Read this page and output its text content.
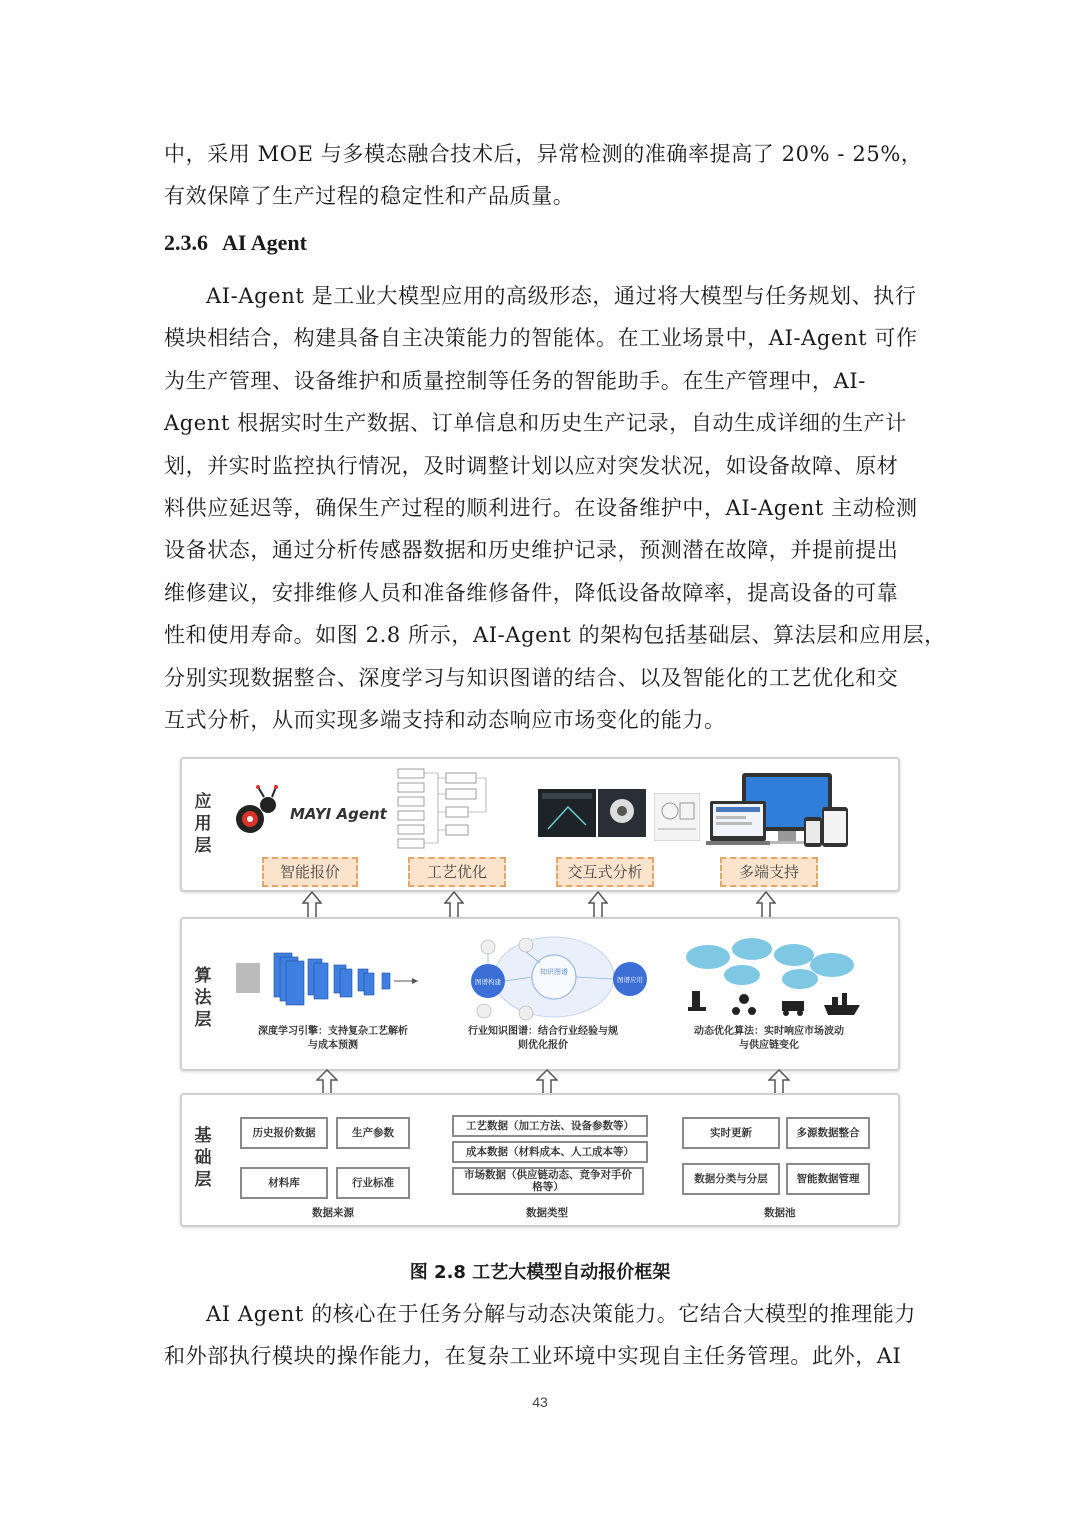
中，采用 MOE 与多模态融合技术后，异常检测的准确率提高了 20% - 25%，
有效保障了生产过程的稳定性和产品质量。
2.3.6 AI Agent
AI-Agent 是工业大模型应用的高级形态，通过将大模型与任务规划、执行
模块相结合，构建具备自主决策能力的智能体。在工业场景中，AI-Agent 可作
为生产管理、设备维护和质量控制等任务的智能助手。在生产管理中，AI-
Agent 根据实时生产数据、订单信息和历史生产记录，自动生成详细的生产计
划，并实时监控执行情况，及时调整计划以应对突发状况，如设备故障、原材
料供应延迟等，确保生产过程的顺利进行。在设备维护中，AI-Agent 主动检测
设备状态，通过分析传感器数据和历史维护记录，预测潜在故障，并提前提出
维修建议，安排维修人员和准备维修备件，降低设备故障率，提高设备的可靠
性和使用寿命。如图 2.8 所示，AI-Agent 的架构包括基础层、算法层和应用层，
分别实现数据整合、深度学习与知识图谱的结合、以及智能化的工艺优化和交
互式分析，从而实现多端支持和动态响应市场变化的能力。
应用层
MAYI Agent
智能报价	工艺优化	交互式分析	多端支持
算法层
深度学习引擎：支持复杂工艺解析与成本预测
知识图谱
图谱构建	图谱应用
行业知识图谱：结合行业经验与规则优化报价
动态优化算法：实时响应市场波动与供应链变化
基础层
历史报价数据	生产参数
材料库	行业标准
数据来源
工艺数据（加工方法、设备参数等）
成本数据（材料成本、人工成本等）
市场数据（供应链动态、竞争对手价格等）
数据类型
实时更新	多源数据整合
数据分类与分层	智能数据管理
数据池
图 2.8 工艺大模型自动报价框架
AI Agent 的核心在于任务分解与动态决策能力。它结合大模型的推理能力
和外部执行模块的操作能力，在复杂工业环境中实现自主任务管理。此外，AI
43
